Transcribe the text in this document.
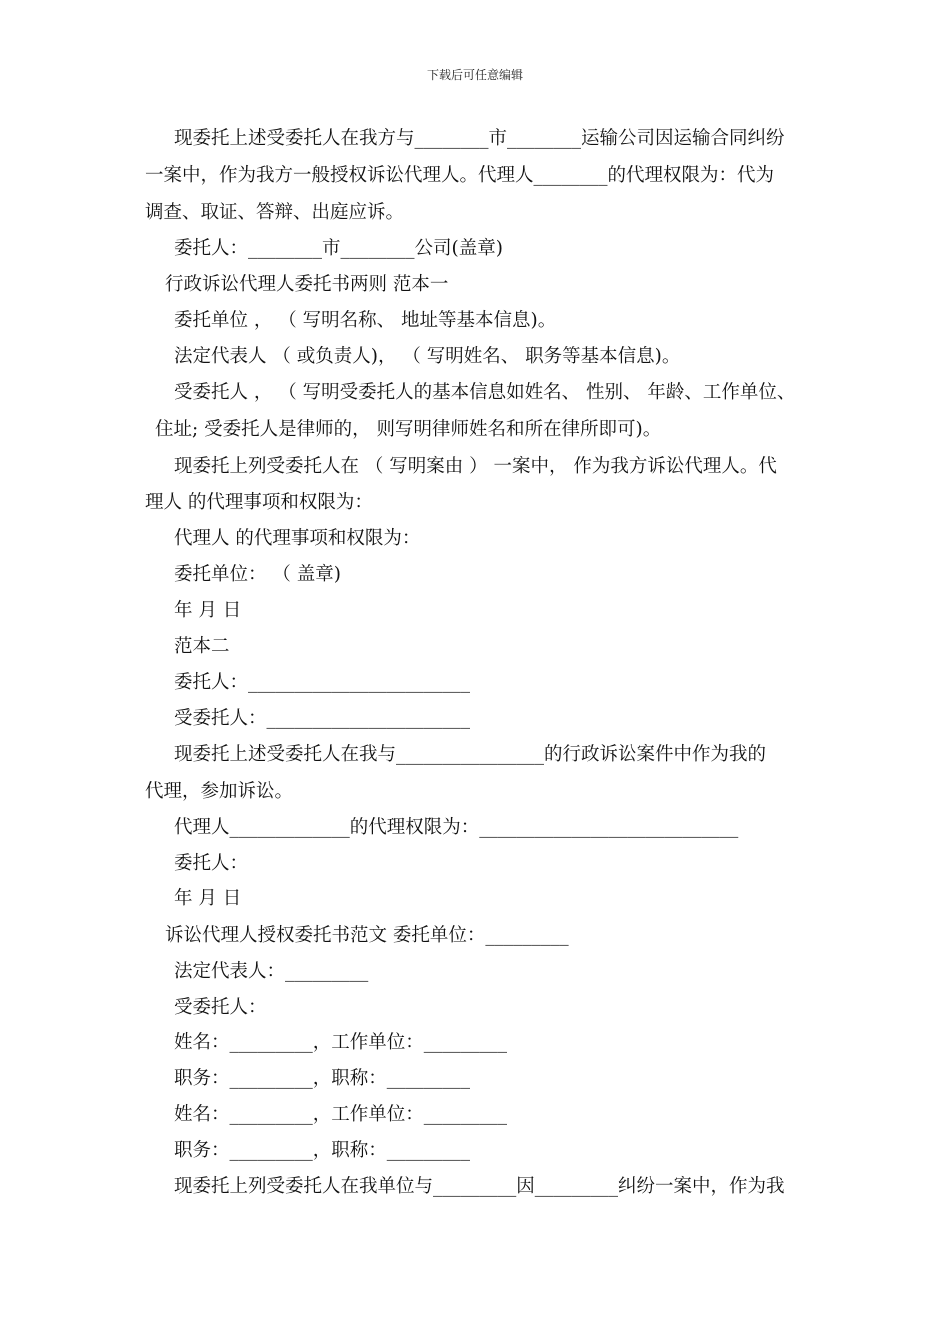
下载后可任意编辑
现委托上述受委托人在我方与________市________运输公司因运输合同纠纷
一案中，作为我方一般授权诉讼代理人。代理人________的代理权限为：代为
调查、取证、答辩、出庭应诉。
委托人：________市________公司(盖章)
行政诉讼代理人委托书两则 范本一
委托单位 ， （ 写明名称、 地址等基本信息)。
法定代表人 （ 或负责人)， （ 写明姓名、 职务等基本信息)。
受委托人 ， （ 写明受委托人的基本信息如姓名、 性别、 年龄、工作单位、
住址; 受委托人是律师的， 则写明律师姓名和所在律所即可)。
现委托上列受委托人在 （ 写明案由 ） 一案中， 作为我方诉讼代理人。代
理人 的代理事项和权限为：
代理人 的代理事项和权限为：
委托单位： （ 盖章)
年 月 日
范本二
委托人：________________________
受委托人：______________________
现委托上述受委托人在我与________________的行政诉讼案件中作为我的
代理，参加诉讼。
代理人_____________的代理权限为：____________________________
委托人：
年 月 日
诉讼代理人授权委托书范文 委托单位：_________
法定代表人：_________
受委托人：
姓名：_________，工作单位：_________
职务：_________，职称：_________
姓名：_________，工作单位：_________
职务：_________，职称：_________
现委托上列受委托人在我单位与_________因_________纠纷一案中，作为我
